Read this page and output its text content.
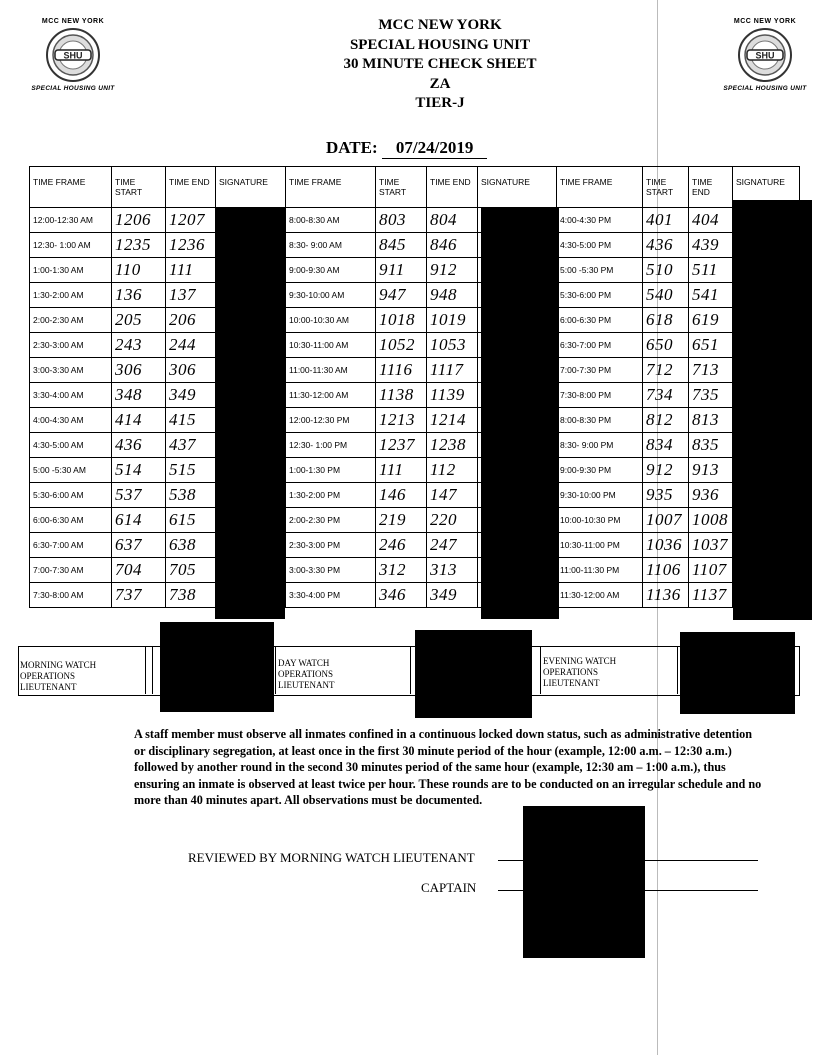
MCC NEW YORK
SHU
SPECIAL HOUSING UNIT
MCC NEW YORK
SHU
SPECIAL HOUSING UNIT
MCC NEW YORK
SPECIAL HOUSING UNIT
30 MINUTE CHECK SHEET
ZA
TIER-J
DATE: 07/24/2019
TIME FRAME	TIME START	TIME END	SIGNATURE	TIME FRAME	TIME START	TIME END	SIGNATURE	TIME FRAME	TIME START	TIME END	SIGNATURE
12:00-12:30 AM	1206	1207		8:00-8:30 AM	803	804		4:00-4:30 PM	401	404	
12:30- 1:00 AM	1235	1236		8:30- 9:00 AM	845	846		4:30-5:00 PM	436	439	
1:00-1:30 AM	110	111		9:00-9:30 AM	911	912		5:00 -5:30 PM	510	511	
1:30-2:00 AM	136	137		9:30-10:00 AM	947	948		5:30-6:00 PM	540	541	
2:00-2:30 AM	205	206		10:00-10:30 AM	1018	1019		6:00-6:30 PM	618	619	
2:30-3:00 AM	243	244		10:30-11:00 AM	1052	1053		6:30-7:00 PM	650	651	
3:00-3:30 AM	306	306		11:00-11:30 AM	1116	1117		7:00-7:30 PM	712	713	
3:30-4:00 AM	348	349		11:30-12:00 AM	1138	1139		7:30-8:00 PM	734	735	
4:00-4:30 AM	414	415		12:00-12:30 PM	1213	1214		8:00-8:30 PM	812	813	
4:30-5:00 AM	436	437		12:30- 1:00 PM	1237	1238		8:30- 9:00 PM	834	835	
5:00 -5:30 AM	514	515		1:00-1:30 PM	111	112		9:00-9:30 PM	912	913	
5:30-6:00 AM	537	538		1:30-2:00 PM	146	147		9:30-10:00 PM	935	936	
6:00-6:30 AM	614	615		2:00-2:30 PM	219	220		10:00-10:30 PM	1007	1008	
6:30-7:00 AM	637	638		2:30-3:00 PM	246	247		10:30-11:00 PM	1036	1037	
7:00-7:30 AM	704	705		3:00-3:30 PM	312	313		11:00-11:30 PM	1106	1107	
7:30-8:00 AM	737	738		3:30-4:00 PM	346	349		11:30-12:00 AM	1136	1137	
MORNING WATCH OPERATIONS LIEUTENANT
DAY WATCH OPERATIONS LIEUTENANT
EVENING WATCH OPERATIONS LIEUTENANT
A staff member must observe all inmates confined in a continuous locked down status, such as administrative detention or disciplinary segregation, at least once in the first 30 minute period of the hour (example, 12:00 a.m. – 12:30 a.m.) followed by another round in the second 30 minutes period of the same hour (example, 12:30 am – 1:00 a.m.), thus ensuring an inmate is observed at least twice per hour. These rounds are to be conducted on an irregular schedule and no more than 40 minutes apart. All observations must be documented.
REVIEWED BY MORNING WATCH LIEUTENANT
CAPTAIN
